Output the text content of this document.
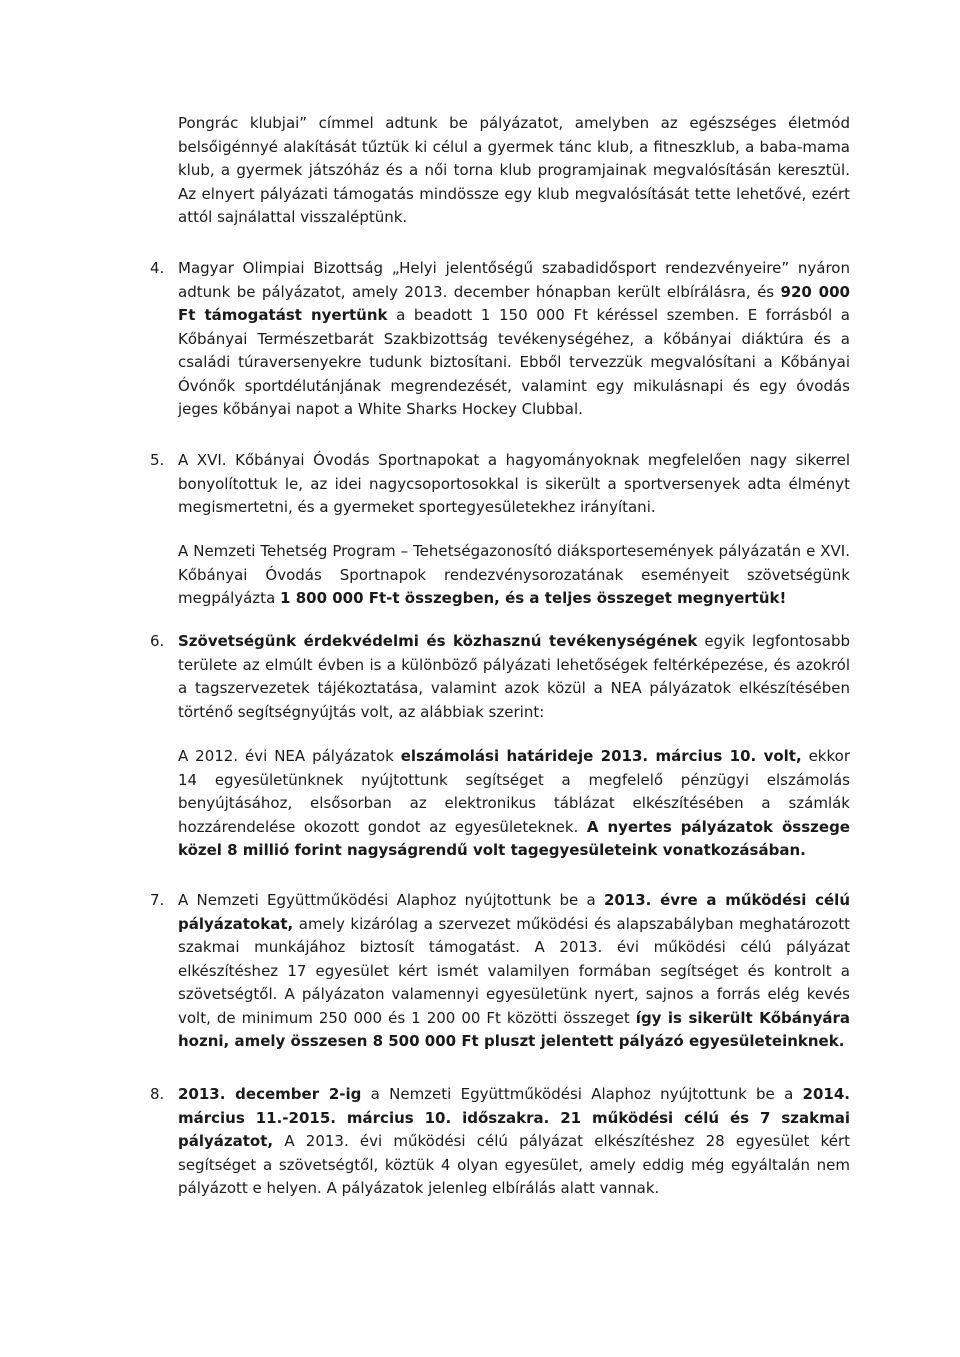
Pongrác klubjai” címmel adtunk be pályázatot, amelyben az egészséges életmód belsőigénnyé alakítását tűztük ki célul a gyermek tánc klub, a fitneszklub, a baba-mama klub, a gyermek játszóház és a női torna klub programjainak megvalósításán keresztül. Az elnyert pályázati támogatás mindössze egy klub megvalósítását tette lehetővé, ezért attól sajnálattal visszaléptünk.
4. Magyar Olimpiai Bizottság „Helyi jelentőségű szabadidősport rendezvényeire” nyáron adtunk be pályázatot, amely 2013. december hónapban került elbírálásra, és 920 000 Ft támogatást nyertünk a beadott 1 150 000 Ft kéréssel szemben. E forrásból a Kőbányai Természetbarát Szakbizottság tevékenységéhez, a kőbányai diáktúra és a családi túraversenyekre tudunk biztosítani. Ebből tervezzük megvalósítani a Kőbányai Óvónők sportdélutánjának megrendezését, valamint egy mikulásnapi és egy óvodás jeges kőbányai napot a White Sharks Hockey Clubbal.
5. A XVI. Kőbányai Óvodás Sportnapokat a hagyományoknak megfelelően nagy sikerrel bonyolítottuk le, az idei nagycsoportosokkal is sikerült a sportversenyek adta élményt megismertetni, és a gyermeket sportegyesületekhez irányítani.
A Nemzeti Tehetség Program – Tehetségazonosító diáksportesemények pályázatán e XVI. Kőbányai Óvodás Sportnapok rendezvénysorozatának eseményeit szövetségünk megpályázta 1 800 000 Ft-t összegben, és a teljes összeget megnyertük!
6. Szövetségünk érdekvédelmi és közhasznú tevékenységének egyik legfontosabb területe az elmúlt évben is a különböző pályázati lehetőségek feltérképezése, és azokról a tagszervezetek tájékoztatása, valamint azok közül a NEA pályázatok elkészítésében történő segítségnyújtás volt, az alábbiak szerint:
A 2012. évi NEA pályázatok elszámolási határideje 2013. március 10. volt, ekkor 14 egyesületünknek nyújtottunk segítséget a megfelelő pénzügyi elszámolás benyújtásához, elsősorban az elektronikus táblázat elkészítésében a számlák hozzárendelése okozott gondot az egyesületeknek. A nyertes pályázatok összege közel 8 millió forint nagyságrendű volt tagegyesületeink vonatkozásában.
7. A Nemzeti Együttműködési Alaphoz nyújtottunk be a 2013. évre a működési célú pályázatokat, amely kizárólag a szervezet működési és alapszabályban meghatározott szakmai munkájához biztosít támogatást. A 2013. évi működési célú pályázat elkészítéshez 17 egyesület kért ismét valamilyen formában segítséget és kontrolt a szövetségtől. A pályázaton valamennyi egyesületünk nyert, sajnos a forrás elég kevés volt, de minimum 250 000 és 1 200 00 Ft közötti összeget így is sikerült Kőbányára hozni, amely összesen 8 500 000 Ft pluszt jelentett pályázó egyesületeinknek.
8. 2013. december 2-ig a Nemzeti Együttműködési Alaphoz nyújtottunk be a 2014. március 11.-2015. március 10. időszakra. 21 működési célú és 7 szakmai pályázatot, A 2013. évi működési célú pályázat elkészítéshez 28 egyesület kért segítséget a szövetségtől, köztük 4 olyan egyesület, amely eddig még egyáltalán nem pályázott e helyen. A pályázatok jelenleg elbírálás alatt vannak.
